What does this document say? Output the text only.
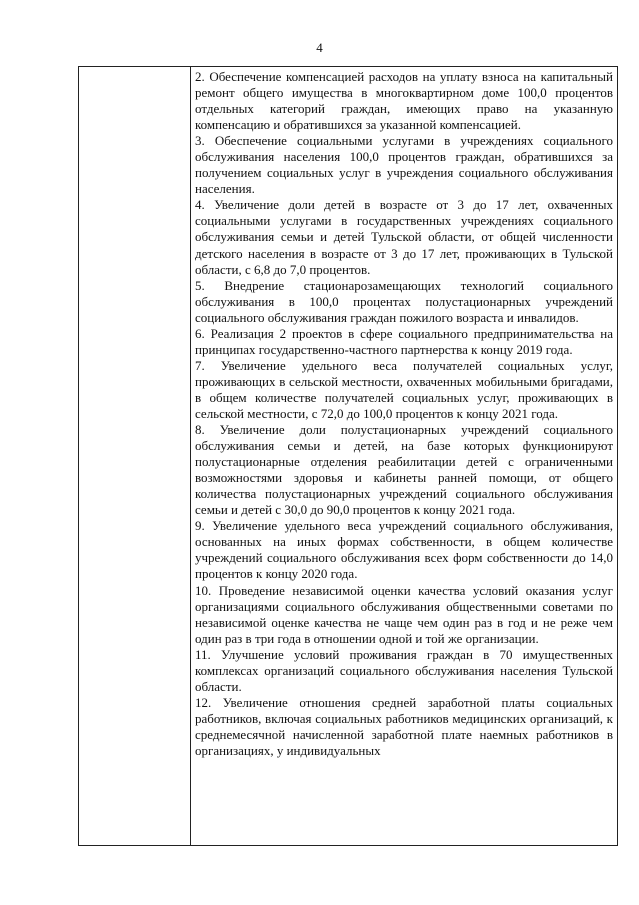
4

2. Обеспечение компенсацией расходов на уплату взноса на капитальный ремонт общего имущества в многоквартирном доме 100,0 процентов отдельных категорий граждан, имеющих право на указанную компенсацию и обратившихся за указанной компенсацией.

3. Обеспечение социальными услугами в учреждениях социального обслуживания населения 100,0 процентов граждан, обратившихся за получением социальных услуг в учреждения социального обслуживания населения.

4. Увеличение доли детей в возрасте от 3 до 17 лет, охваченных социальными услугами в государственных учреждениях социального обслуживания семьи и детей Тульской области, от общей численности детского населения в возрасте от 3 до 17 лет, проживающих в Тульской области, с 6,8 до 7,0 процентов.

5. Внедрение стационарозамещающих технологий социального обслуживания в 100,0 процентах полустационарных учреждений социального обслуживания граждан пожилого возраста и инвалидов.

6. Реализация 2 проектов в сфере социального предпринимательства на принципах государственно-частного партнерства к концу 2019 года.

7. Увеличение удельного веса получателей социальных услуг, проживающих в сельской местности, охваченных мобильными бригадами, в общем количестве получателей социальных услуг, проживающих в сельской местности, с 72,0 до 100,0 процентов к концу 2021 года.

8. Увеличение доли полустационарных учреждений социального обслуживания семьи и детей, на базе которых функционируют полустационарные отделения реабилитации детей с ограниченными возможностями здоровья и кабинеты ранней помощи, от общего количества полустационарных учреждений социального обслуживания семьи и детей с 30,0 до 90,0 процентов к концу 2021 года.

9. Увеличение удельного веса учреждений социального обслуживания, основанных на иных формах собственности, в общем количестве учреждений социального обслуживания всех форм собственности до 14,0 процентов к концу 2020 года.

10. Проведение независимой оценки качества условий оказания услуг организациями социального обслуживания общественными советами по независимой оценке качества не чаще чем один раз в год и не реже чем один раз в три года в отношении одной и той же организации.

11. Улучшение условий проживания граждан в 70 имущественных комплексах организаций социального обслуживания населения Тульской области.

12. Увеличение отношения средней заработной платы социальных работников, включая социальных работников медицинских организаций, к среднемесячной начисленной заработной плате наемных работников в организациях, у индивидуальных
